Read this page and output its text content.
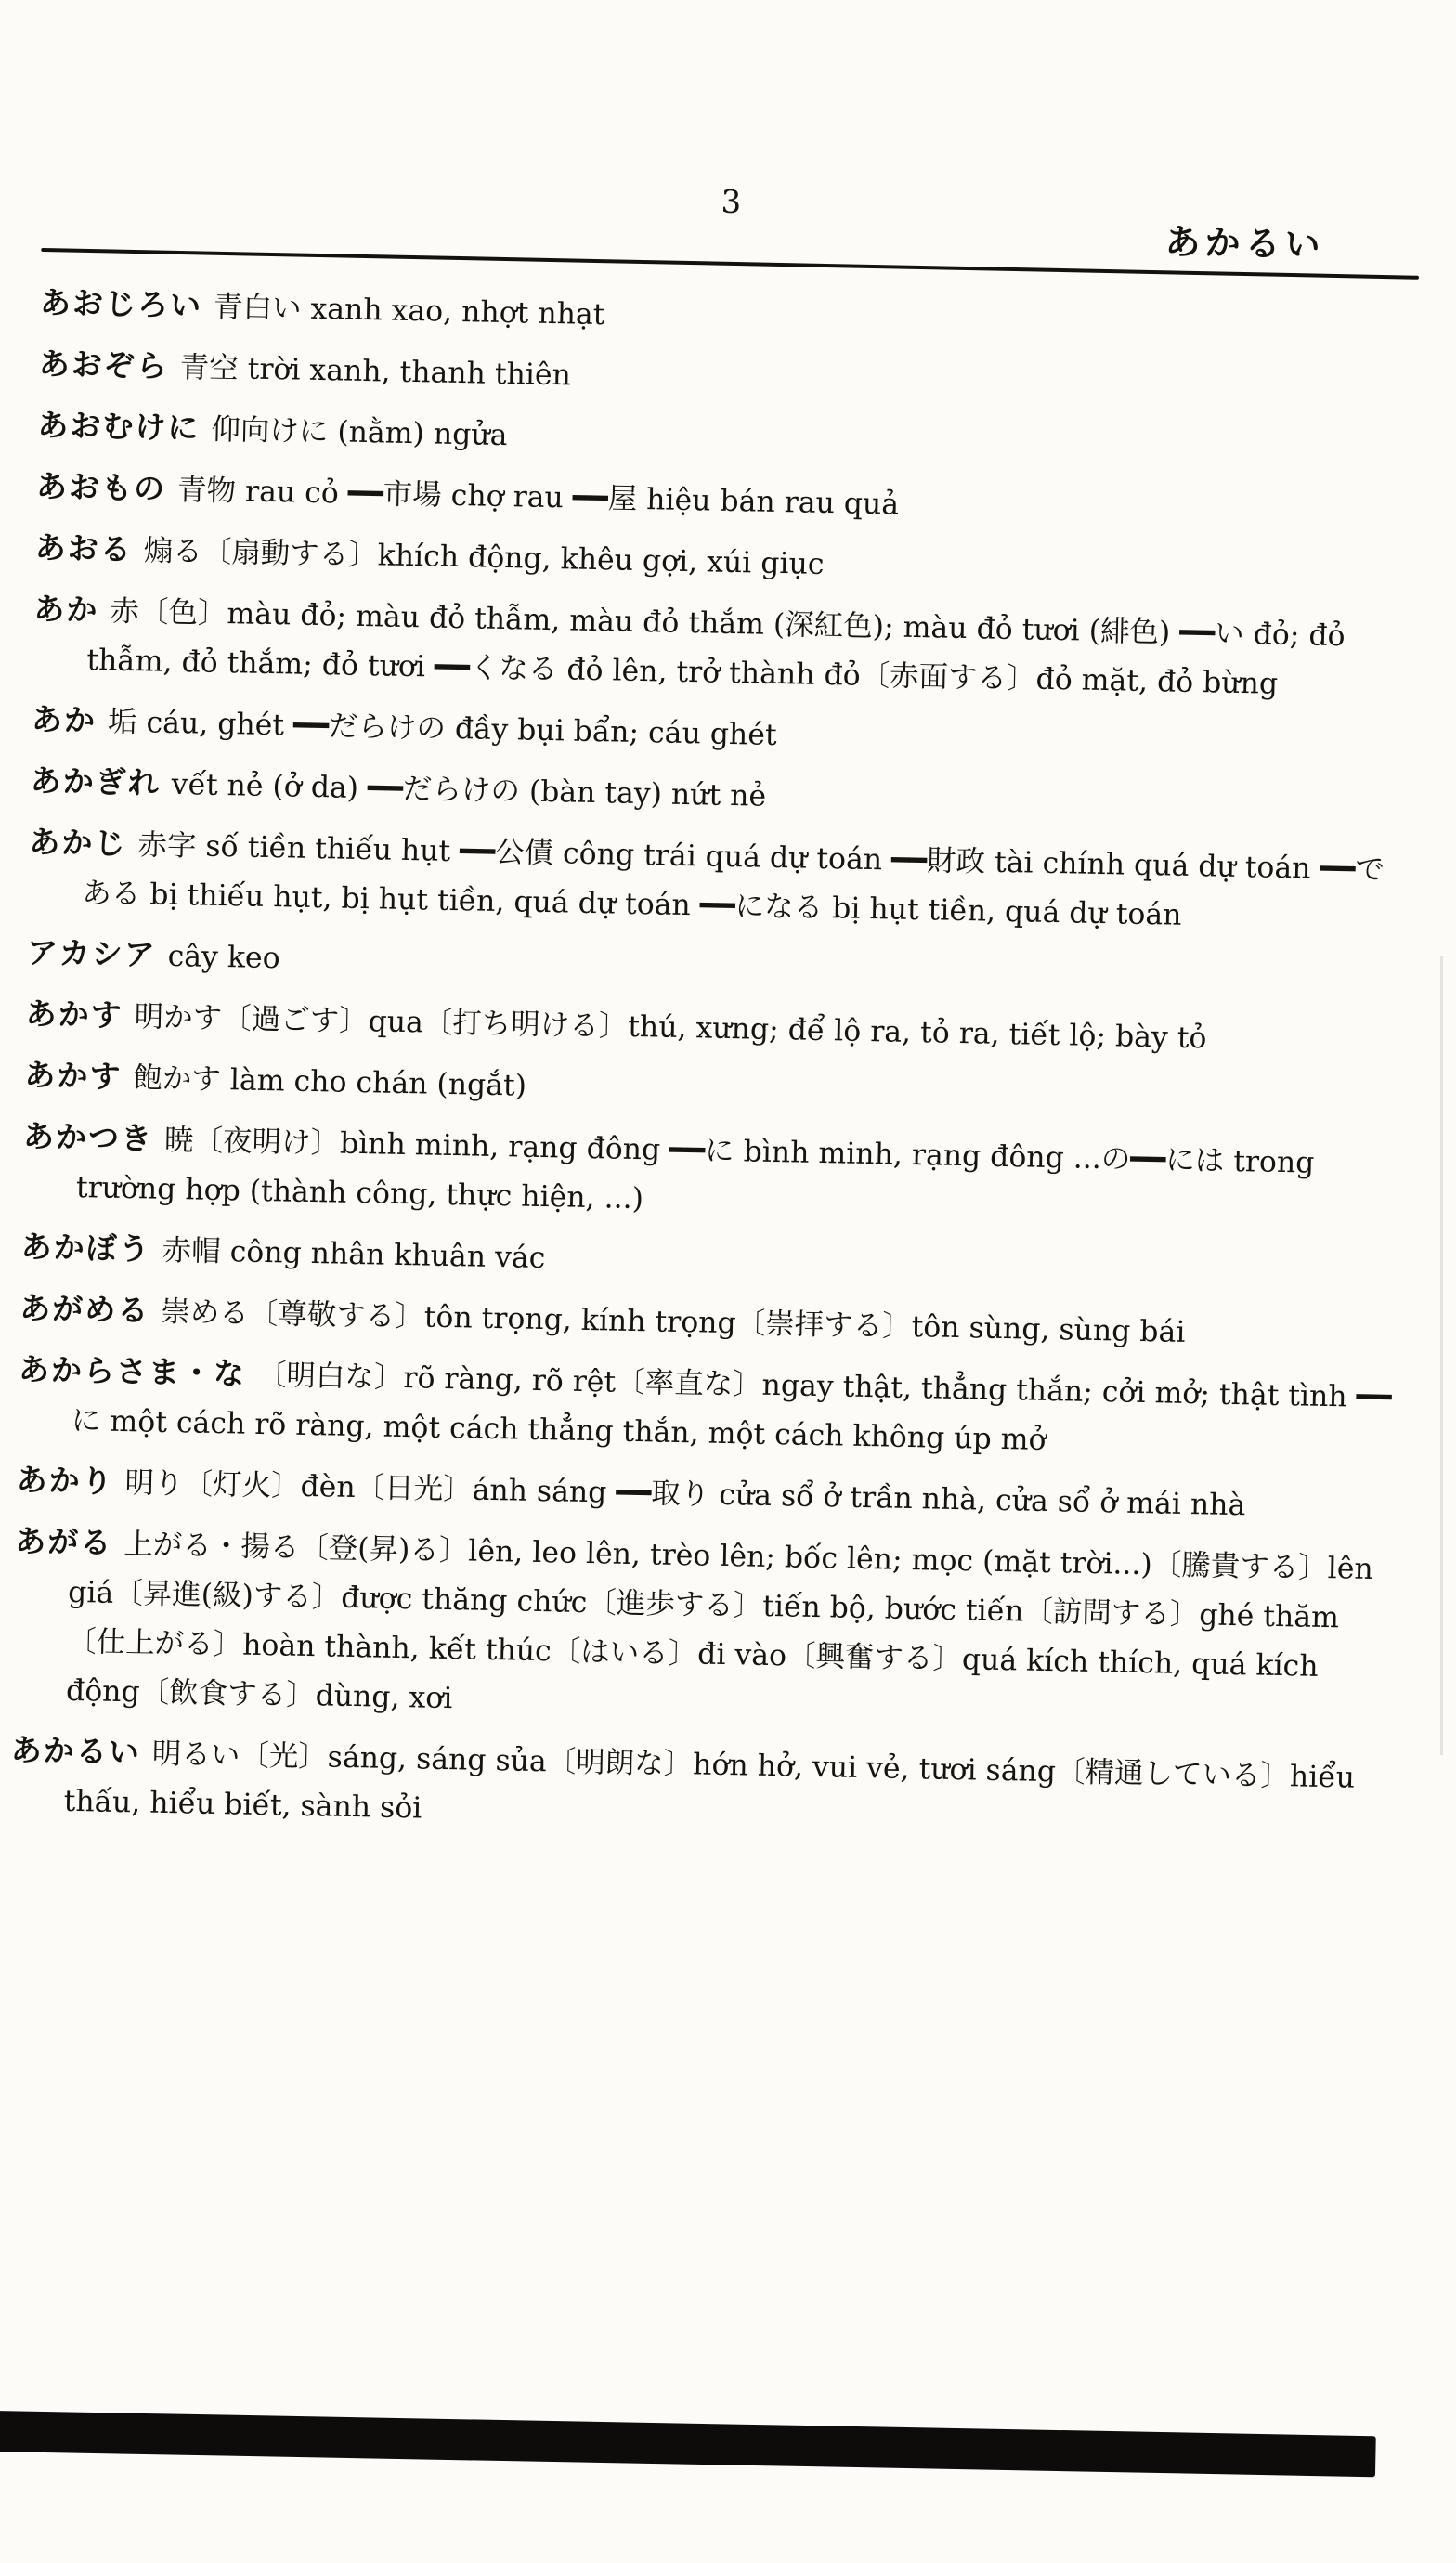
3
あかるい

あおじろい 青白い xanh xao, nhợt nhạt

あおぞら 青空 trời xanh, thanh thiên

あおむけに 仰向けに (nằm) ngửa

あおもの 青物 rau cỏ ━━市場 chợ rau ━━屋 hiệu bán rau quả

あおる 煽る〔扇動する〕khích động, khêu gợi, xúi giục

あか 赤〔色〕màu đỏ; màu đỏ thẫm, màu đỏ thắm (深紅色); màu đỏ tươi (緋色) ━━い đỏ; đỏ thẫm, đỏ thắm; đỏ tươi ━━くなる đỏ lên, trở thành đỏ〔赤面する〕đỏ mặt, đỏ bừng

あか 垢 cáu, ghét ━━だらけの đầy bụi bẩn; cáu ghét

あかぎれ vết nẻ (ở da) ━━だらけの (bàn tay) nứt nẻ

あかじ 赤字 số tiền thiếu hụt ━━公債 công trái quá dự toán ━━財政 tài chính quá dự toán ━━である bị thiếu hụt, bị hụt tiền, quá dự toán ━━になる bị hụt tiền, quá dự toán

アカシア cây keo

あかす 明かす〔過ごす〕qua〔打ち明ける〕thú, xưng; để lộ ra, tỏ ra, tiết lộ; bày tỏ

あかす 飽かす làm cho chán (ngắt)

あかつき 暁〔夜明け〕bình minh, rạng đông ━━に bình minh, rạng đông ...の━━には trong trường hợp (thành công, thực hiện, ...)

あかぼう 赤帽 công nhân khuân vác

あがめる 崇める〔尊敬する〕tôn trọng, kính trọng〔崇拝する〕tôn sùng, sùng bái

あからさま・な 〔明白な〕rõ ràng, rõ rệt〔率直な〕ngay thật, thẳng thắn; cởi mở; thật tình ━━に một cách rõ ràng, một cách thẳng thắn, một cách không úp mở

あかり 明り〔灯火〕đèn〔日光〕ánh sáng ━━取り cửa sổ ở trần nhà, cửa sổ ở mái nhà

あがる 上がる・揚る〔登(昇)る〕lên, leo lên, trèo lên; bốc lên; mọc (mặt trời...)〔騰貴する〕lên giá〔昇進(級)する〕được thăng chức〔進歩する〕tiến bộ, bước tiến〔訪問する〕ghé thăm〔仕上がる〕hoàn thành, kết thúc〔はいる〕đi vào〔興奮する〕quá kích thích, quá kích động〔飲食する〕dùng, xơi

あかるい 明るい〔光〕sáng, sáng sủa〔明朗な〕hớn hở, vui vẻ, tươi sáng〔精通している〕hiểu thấu, hiểu biết, sành sỏi
